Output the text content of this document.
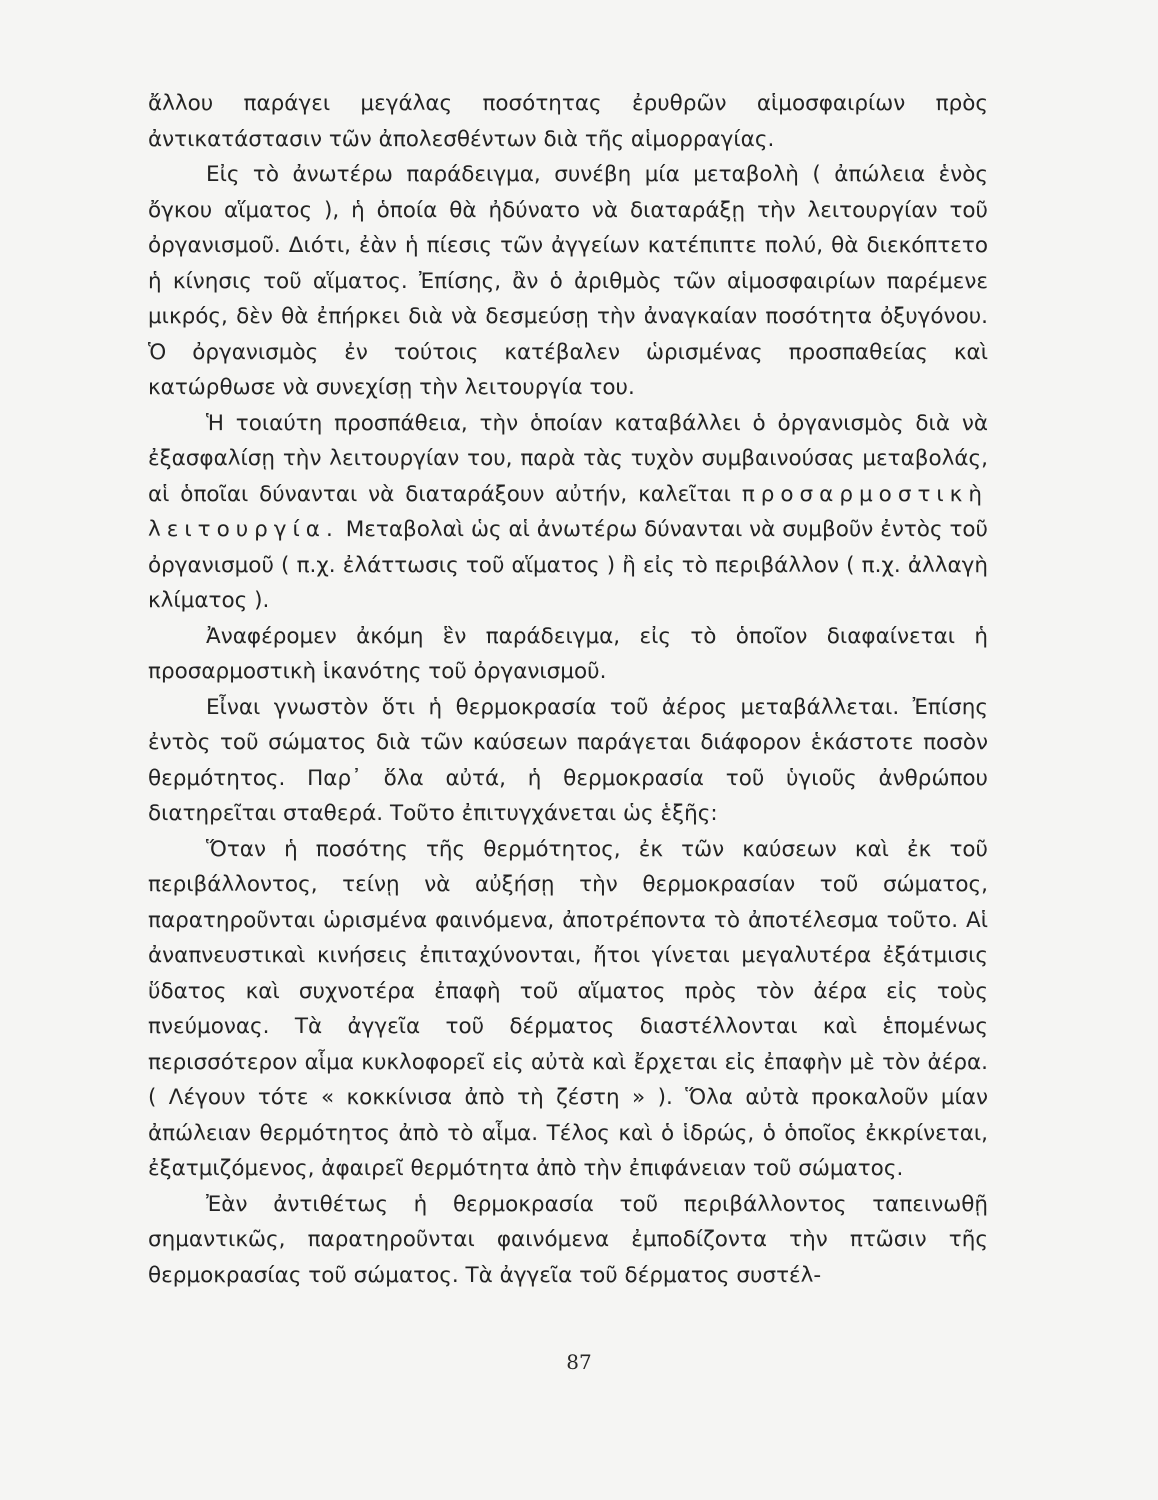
ἄλλου παράγει μεγάλας ποσότητας ἐρυθρῶν αἱμοσφαιρίων πρὸς ἀντικατάστασιν τῶν ἀπολεσθέντων διὰ τῆς αἱμορραγίας.

Εἰς τὸ ἀνωτέρω παράδειγμα, συνέβη μία μεταβολὴ ( ἀπώλεια ἑνὸς ὄγκου αἵματος ), ἡ ὁποία θὰ ἠδύνατο νὰ διαταράξῃ τὴν λειτουργίαν τοῦ ὀργανισμοῦ. Διότι, ἐὰν ἡ πίεσις τῶν ἀγγείων κατέπιπτε πολύ, θὰ διεκόπτετο ἡ κίνησις τοῦ αἵματος. Ἐπίσης, ἂν ὁ ἀριθμὸς τῶν αἱμοσφαιρίων παρέμενε μικρός, δὲν θὰ ἐπήρκει διὰ νὰ δεσμεύσῃ τὴν ἀναγκαίαν ποσότητα ὀξυγόνου. Ὁ ὀργανισμὸς ἐν τούτοις κατέβαλεν ὡρισμένας προσπαθείας καὶ κατώρθωσε νὰ συνεχίσῃ τὴν λειτουργία του.

Ἡ τοιαύτη προσπάθεια, τὴν ὁποίαν καταβάλλει ὁ ὀργανισμὸς διὰ νὰ ἐξασφαλίσῃ τὴν λειτουργίαν του, παρὰ τὰς τυχὸν συμβαινούσας μεταβολάς, αἱ ὁποῖαι δύνανται νὰ διαταράξουν αὐτήν, καλεῖται προσαρμοστικὴ λειτουργία. Μεταβολαὶ ὡς αἱ ἀνωτέρω δύνανται νὰ συμβοῦν ἐντὸς τοῦ ὀργανισμοῦ ( π.χ. ἐλάττωσις τοῦ αἵματος ) ἢ εἰς τὸ περιβάλλον ( π.χ. ἀλλαγὴ κλίματος ).

Ἀναφέρομεν ἀκόμη ἓν παράδειγμα, εἰς τὸ ὁποῖον διαφαίνεται ἡ προσαρμοστικὴ ἱκανότης τοῦ ὀργανισμοῦ.

Εἶναι γνωστὸν ὅτι ἡ θερμοκρασία τοῦ ἀέρος μεταβάλλεται. Ἐπίσης ἐντὸς τοῦ σώματος διὰ τῶν καύσεων παράγεται διάφορον ἑκάστοτε ποσὸν θερμότητος. Παρ᾽ ὅλα αὐτά, ἡ θερμοκρασία τοῦ ὑγιοῦς ἀνθρώπου διατηρεῖται σταθερά. Τοῦτο ἐπιτυγχάνεται ὡς ἑξῆς:

Ὅταν ἡ ποσότης τῆς θερμότητος, ἐκ τῶν καύσεων καὶ ἐκ τοῦ περιβάλλοντος, τείνῃ νὰ αὐξήσῃ τὴν θερμοκρασίαν τοῦ σώματος, παρατηροῦνται ὡρισμένα φαινόμενα, ἀποτρέποντα τὸ ἀποτέλεσμα τοῦτο. Αἱ ἀναπνευστικαὶ κινήσεις ἐπιταχύνονται, ἤτοι γίνεται μεγαλυτέρα ἐξάτμισις ὕδατος καὶ συχνοτέρα ἐπαφὴ τοῦ αἵματος πρὸς τὸν ἀέρα εἰς τοὺς πνεύμονας. Τὰ ἀγγεῖα τοῦ δέρματος διαστέλλονται καὶ ἑπομένως περισσότερον αἷμα κυκλοφορεῖ εἰς αὐτὰ καὶ ἔρχεται εἰς ἐπαφὴν μὲ τὸν ἀέρα. ( Λέγουν τότε « κοκκίνισα ἀπὸ τὴ ζέστη » ). Ὅλα αὐτὰ προκαλοῦν μίαν ἀπώλειαν θερμότητος ἀπὸ τὸ αἷμα. Τέλος καὶ ὁ ἱδρώς, ὁ ὁποῖος ἐκκρίνεται, ἐξατμιζόμενος, ἀφαιρεῖ θερμότητα ἀπὸ τὴν ἐπιφάνειαν τοῦ σώματος.

Ἐὰν ἀντιθέτως ἡ θερμοκρασία τοῦ περιβάλλοντος ταπεινωθῇ σημαντικῶς, παρατηροῦνται φαινόμενα ἐμποδίζοντα τὴν πτῶσιν τῆς θερμοκρασίας τοῦ σώματος. Τὰ ἀγγεῖα τοῦ δέρματος συστέλ-

87
